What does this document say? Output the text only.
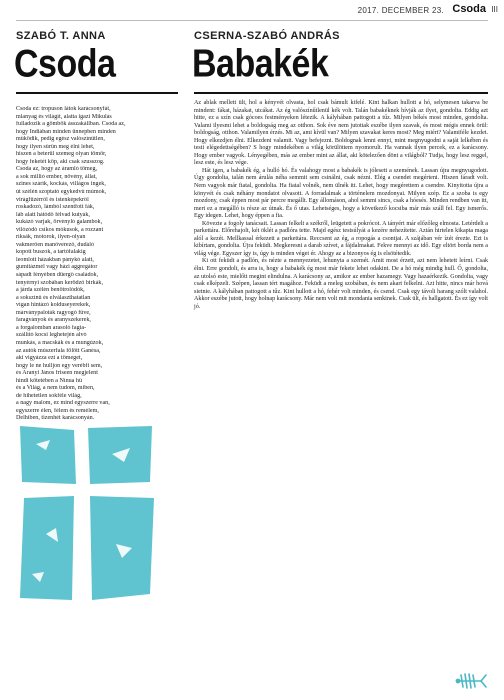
2017. DECEMBER 23. Csoda III
SZABÓ T. ANNA
Csoda
Csoda ez: tropuson látok karácsonyfát,
mlanyag és világít, alatta igazi Mikulás
fulladozik a gömbök ásszakállban. Csoda az,
hogy Indiában minden ünnepben minden
működik, pedig egész valószínűtlen,
hogy ilyen sűrűn meg élni lehet,
hiszen a beterül szemeg olyan tömör,
hogy feketét köp, aki csak szusszog.
Csoda az, hogy az áramló tömeg,
a sok millió ember, növény, állat,
szines szárík, kockás, villágos ingek,
út szélén szoptató egykedvű múmok,
virágfüzérről és istenképekről
roskadozó, lámból szentfott fák,
láb alatt hátődő félvad kutyák,
kukázó varjak, örvényló galambok,
vilózódó csíkos mókusok, a rozzant
ríksák, motorok, ilyen-olyan
vakmerően manőverező, dudáló
kopott buszok, a tartófalakig
leomlott házakban pánykó alatt,
gumitázmél vagy házi aggregátor
sápadt fényében düergő családok,
tenyérnyi szobában kerödző birkák,
a járda szélén benötrolódók,
a sokszínű és elválaszthatatlan
vígan hintázó kolduseyerekek,
márványpaloták ragyogó fűve,
faragványok és aranyszekerek,
a forgalomban arasoló fagia-
szállító kocsi leghetején alvó
munkás, a macskák és a mungúzok,
az autók múszerfala fölött Ganésa,
aki vigyázza ezt a tömeget,
hogy le ne hulljon egy verébfi sem,
és Aranyi János friseen megjelent
hindi kötetében a Nínua hű
és a Világ, a nem tudom, miben,
de hihetetlen sokféle világ,
a nagy malom, ez mind egyszerre van,
egyszerre élen, félem és remélem,
Delhiben, tizenhét karácsonyán.
CSERNA-SZABÓ ANDRÁS
Babakék

Az ablak mellett ült, hol a kényvét olvasta, hol csak bámult kifelé. Kint halkan hullott a hó, selymesen takarva be mindent: fákat, házakat, utcákat. Az ég valószínűtlenül kék volt. Talán babakéknek hívják az ilyet, gondolta. Eddig azt hitte, ez a szín csak gócoes festményeken létezik. A kályhában pattogott a tűz. Milyen békés most minden, gondolta. Valami ilyesmi lehet a boldogság meg az otthon. Sok éve nem jutottak eszébe ilyen szavak, és most mégis ennek örül: boldogság, otthon. Valamilyen érzés. Mi az, ami kívül van? Milyen szavakat keres most? Meg miért? Valamiféle kezdet. Hogy elkezdjen élni. Elkezdeni valamit. Vagy befejezni. Boldognak lenni ennyi, mint megnyugodni a saját lelkében és testi elégedettségében? S hogy mindekében a világ körülöttem nyomorult. Ha vannak ilyen percek, ez a karácsony. Hogy ember vagyok. Lényegében, más az ember mint az állat, aki kötelezően dönt a világból? Tudja, hogy lesz reggel, lesz este, és lesz vége.

Hát igen, a babakék ég, a hulló hó. És valahogy most a babakék is jólesett a szemének. Lassan újra megnyugodott. Úgy gondolta, talán nem árulás néha semmit sem csinálni, csak nézni. Elég a csendet megérteni. Hiszen fáradt volt. Nem vagyok már fiatal, gondolta. Ha fiatal volnék, nem ülnék itt. Lehet, hogy megérettem a csendre. Kinyitotta újra a könyvét és csak néhány mondatot olvasott. A forradalmak a történelem mozdonyai. Milyen szép. Ez a szoba is egy mozdony, csak éppen most pár percre megállt. Egy állomáson, ahol semmi sincs, csak a hóesés. Minden rendben van itt, mert ez a megálló is része az útnak. És ő utas. Lehetséges, hogy a következő kocsiba már más száll fel. Egy ismerős. Egy idegen. Lehet, hogy éppen a fia.

Kövezte a fogoly tanácsait. Lassan felkelt a székről, leügetett a pokrócot. A tányért már előzőleg elmosta. Letérdelt a parkettára. Előrehajolt, két öklét a padlóra tette. Majd egész testsúlyát a kezére nehezítette. Aztán hirtelen kikapta maga alól a kezét. Mellkassal érkezett a parkettára. Reccsent az ég, a ropogás a csontjai. A szájában vér ízét érezte. Ezt is kibírtam, gondolta. Újra feküdt. Megkeresni a darab szívet, a fájdalmakat. Fekve mennyi az idő. Egy eltört borda nem a világ vége. Egyszer így is, úgy is minden véget ér. Ahogy az a bizonyos ég is elsötétedik.

Ki ott feküdt a padlón, és nézte a mennyezetet, lehunyta a szemét. Amit most érzett, azt nem lehetett leírni. Csak élni. Erre gondolt, és arra is, hogy a babakék ég most már fekete lehet odakint. De a hó még mindig hull. Ő, gondolta, az utolsó este, mielőtt megint elindulna. A karácsony az, amikor az ember hazamegy. Vagy hazaérkezik. Gondolta, vagy csak elképzeli. Szépen, lassan tért magához. Feküdt a meleg szobában, és nem akart felkelni. Azt hitte, nincs már hová sietnie. A kályhában pattogott a tűz. Kint hullott a hó, fehér volt minden, és csend. Csak egy távoli harang szólt valahol. Akkor eszébe jutott, hogy holnap karácsony. Már nem volt mit mondania senkinek. Csak ült, és hallgatott. És ez így volt jó.
